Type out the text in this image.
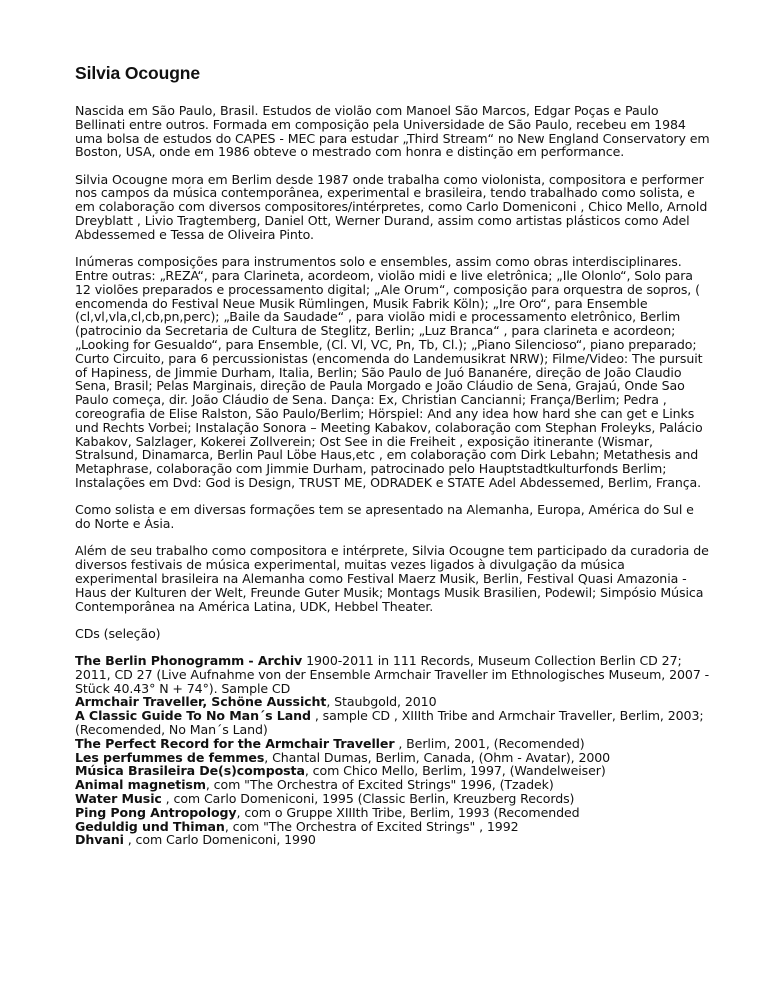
Silvia Ocougne

Nascida em São Paulo, Brasil. Estudos de violão com Manoel São Marcos, Edgar Poças e Paulo Bellinati entre outros. Formada em composição pela Universidade de São Paulo, recebeu em 1984 uma bolsa de estudos do CAPES - MEC para estudar „Third Stream“ no New England Conservatory em Boston, USA, onde em 1986 obteve o mestrado com honra e distinção em performance.

Silvia Ocougne mora em Berlim desde 1987 onde trabalha como violonista, compositora e performer nos campos da música contemporânea, experimental e brasileira, tendo trabalhado como solista, e em colaboração com diversos compositores/intérpretes, como Carlo Domeniconi , Chico Mello, Arnold Dreyblatt , Livio Tragtemberg, Daniel Ott, Werner Durand, assim como artistas plásticos como Adel Abdessemed e Tessa de Oliveira Pinto.

Inúmeras composições para instrumentos solo e ensembles, assim como obras interdisciplinares. Entre outras: „REZA“, para Clarineta, acordeom, violão midi e live eletrônica; „Ile Olonlo“, Solo para 12 violões preparados e processamento digital; „Ale Orum“, composição para orquestra de sopros, ( encomenda do Festival Neue Musik Rümlingen, Musik Fabrik Köln); „Ire Oro“, para Ensemble (cl,vl,vla,cl,cb,pn,perc); „Baile da Saudade“ , para violão midi e processamento eletrônico, Berlim (patrocinio da Secretaria de Cultura de Steglitz, Berlin; „Luz Branca“ , para clarineta e acordeon; „Looking for Gesualdo“, para Ensemble, (Cl. Vl, VC, Pn, Tb, Cl.); „Piano Silencioso“, piano preparado; Curto Circuito, para 6 percussionistas (encomenda do Landemusikrat NRW); Filme/Video: The pursuit of Hapiness, de Jimmie Durham, Italia, Berlin; São Paulo de Juó Bananére, direção de João Claudio Sena, Brasil; Pelas Marginais, direção de Paula Morgado e João Cláudio de Sena, Grajaú, Onde Sao Paulo começa, dir. João Cláudio de Sena. Dança: Ex, Christian Cancianni; França/Berlim; Pedra , coreografia de Elise Ralston, São Paulo/Berlim; Hörspiel: And any idea how hard she can get e Links und Rechts Vorbei; Instalação Sonora – Meeting Kabakov, colaboração com Stephan Froleyks, Palácio Kabakov, Salzlager, Kokerei Zollverein; Ost See in die Freiheit , exposição itinerante (Wismar, Stralsund, Dinamarca, Berlin Paul Löbe Haus,etc , em colaboração com Dirk Lebahn; Metathesis and Metaphrase, colaboração com Jimmie Durham, patrocinado pelo Hauptstadtkulturfonds Berlim; Instalações em Dvd: God is Design, TRUST ME, ODRADEK e STATE Adel Abdessemed, Berlim, França.

Como solista e em diversas formações tem se apresentado na Alemanha, Europa, América do Sul e do Norte e Ásia.

Além de seu trabalho como compositora e intérprete, Silvia Ocougne tem participado da curadoria de diversos festivais de música experimental, muitas vezes ligados à divulgação da música experimental brasileira na Alemanha como Festival Maerz Musik, Berlin, Festival Quasi Amazonia - Haus der Kulturen der Welt, Freunde Guter Musik; Montags Musik Brasilien, Podewil; Simpósio Música Contemporânea na América Latina, UDK, Hebbel Theater.

CDs (seleção)

The Berlin Phonogramm - Archiv 1900-2011 in 111 Records, Museum Collection Berlin CD 27; 2011, CD 27 (Live Aufnahme von der Ensemble Armchair Traveller im Ethnologisches Museum, 2007 - Stück 40.43° N + 74°). Sample CD
Armchair Traveller, Schöne Aussicht, Staubgold, 2010
A Classic Guide To No Man´s Land , sample CD , XIIIth Tribe and Armchair Traveller, Berlim, 2003; (Recomended, No Man´s Land)
The Perfect Record for the Armchair Traveller , Berlim, 2001, (Recomended)
Les perfummes de femmes, Chantal Dumas, Berlim, Canada, (Ohm - Avatar), 2000
Música Brasileira De(s)composta, com Chico Mello, Berlim, 1997, (Wandelweiser)
Animal magnetism, com "The Orchestra of Excited Strings" 1996, (Tzadek)
Water Music , com Carlo Domeniconi, 1995 (Classic Berlin, Kreuzberg Records)
Ping Pong Antropology, com o Gruppe XIIIth Tribe, Berlim, 1993 (Recomended
Geduldig und Thiman, com "The Orchestra of Excited Strings" , 1992
Dhvani , com Carlo Domeniconi, 1990
